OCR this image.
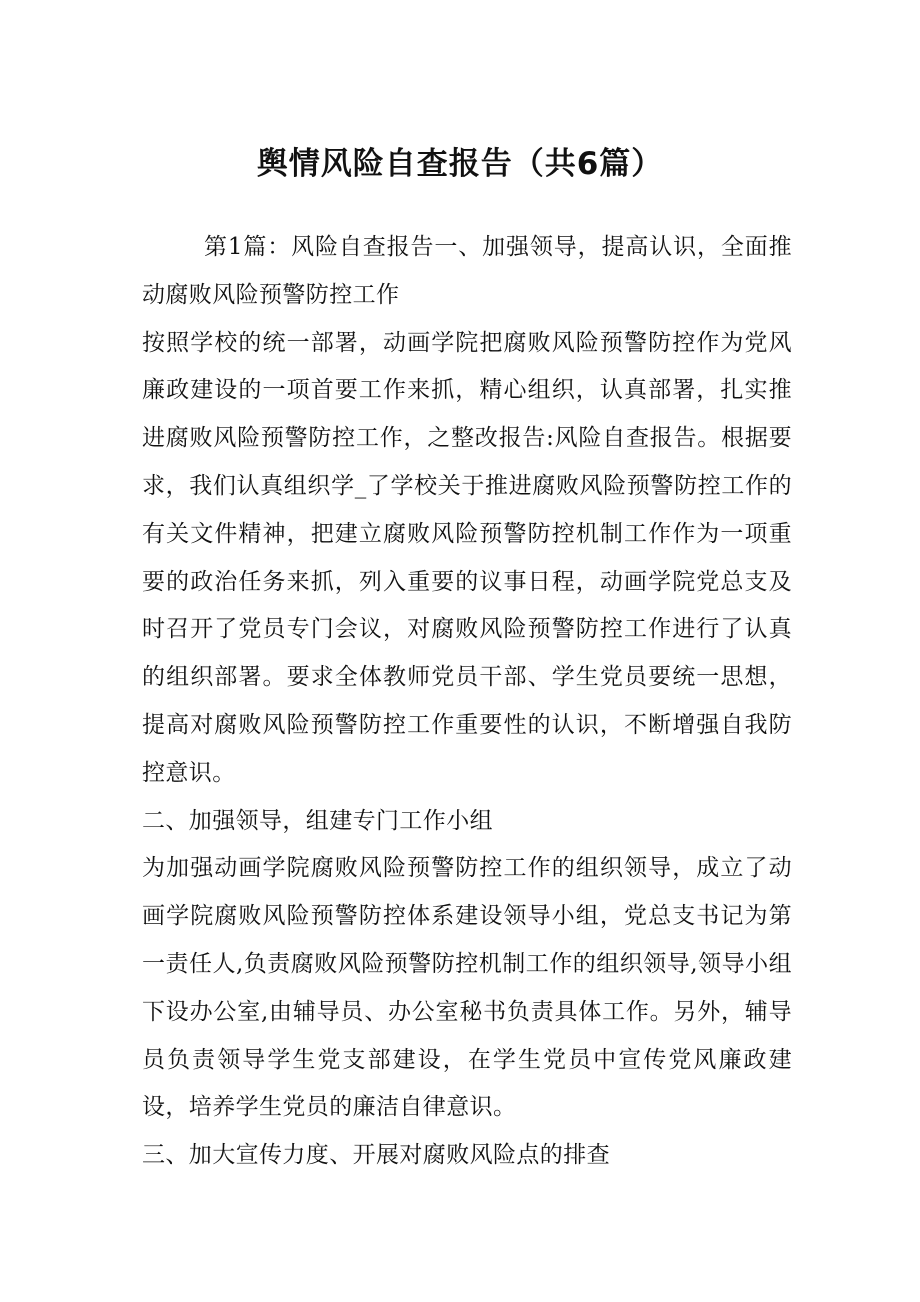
舆情风险自查报告（共6篇）

第1篇：风险自查报告一、加强领导，提高认识，全面推动腐败风险预警防控工作

按照学校的统一部署，动画学院把腐败风险预警防控作为党风廉政建设的一项首要工作来抓，精心组织，认真部署，扎实推进腐败风险预警防控工作，之整改报告:风险自查报告。根据要求，我们认真组织学_了学校关于推进腐败风险预警防控工作的有关文件精神，把建立腐败风险预警防控机制工作作为一项重要的政治任务来抓，列入重要的议事日程，动画学院党总支及时召开了党员专门会议，对腐败风险预警防控工作进行了认真的组织部署。要求全体教师党员干部、学生党员要统一思想，提高对腐败风险预警防控工作重要性的认识，不断增强自我防控意识。

二、加强领导，组建专门工作小组

为加强动画学院腐败风险预警防控工作的组织领导，成立了动画学院腐败风险预警防控体系建设领导小组，党总支书记为第一责任人,负责腐败风险预警防控机制工作的组织领导,领导小组下设办公室,由辅导员、办公室秘书负责具体工作。另外，辅导员负责领导学生党支部建设，在学生党员中宣传党风廉政建设，培养学生党员的廉洁自律意识。

三、加大宣传力度、开展对腐败风险点的排查
